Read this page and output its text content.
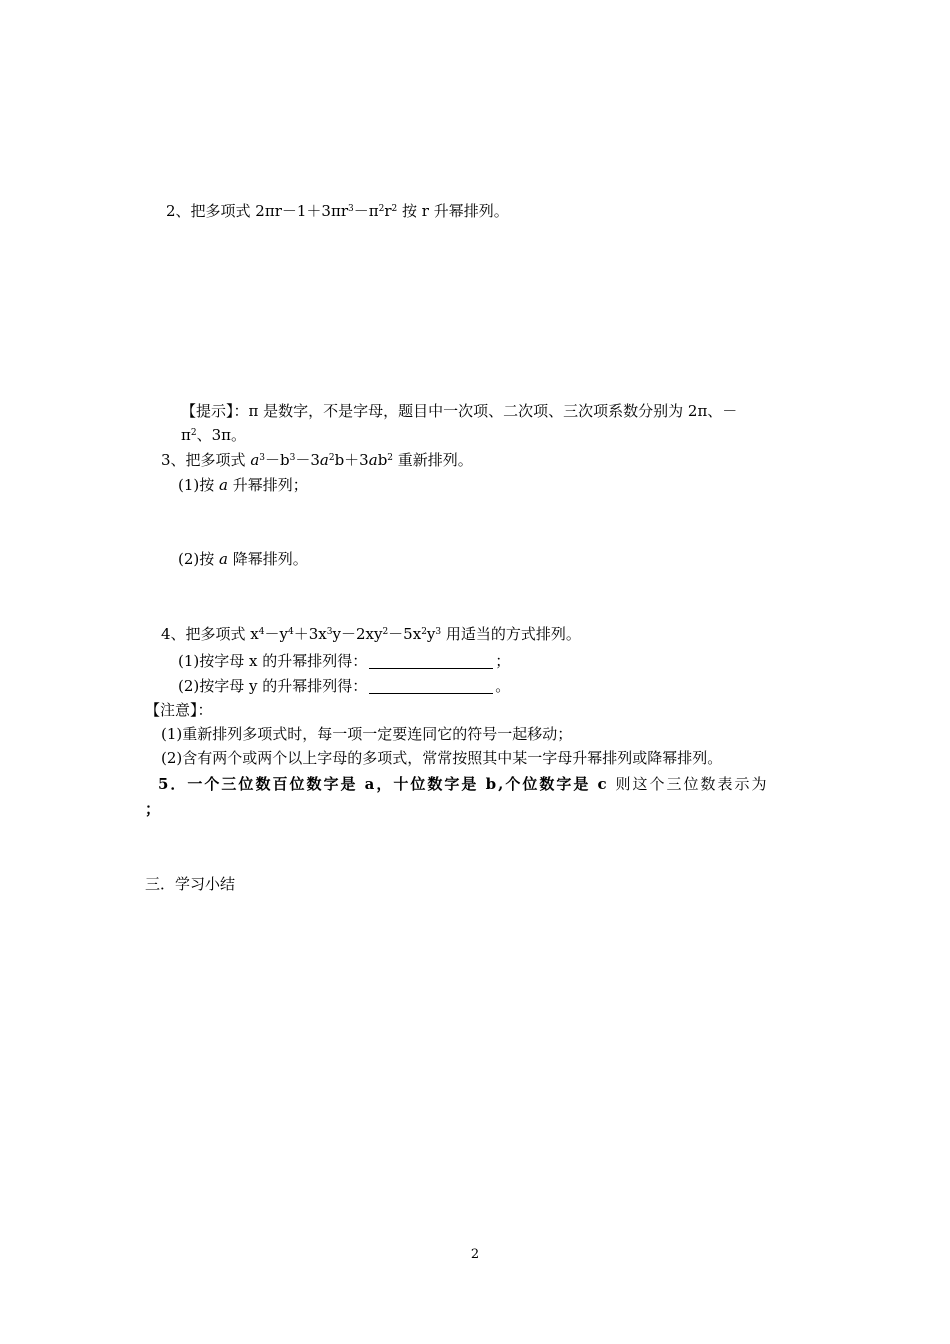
2、把多项式 $2\pi r-1+3\pi r^3-\pi^2r^2$ 按 r 升幂排列。
【提示】：π 是数字，不是字母，题目中一次项、二次项、三次项系数分别为 2π、－
$\pi^2$、3π。
3、把多项式 $a^3-b^3-3a^2b+3ab^2$ 重新排列。
(1)按 a 升幂排列；
(2)按 a 降幂排列。
4、把多项式 $x^4-y^4+3x^3y-2xy^2-5x^2y^3$ 用适当的方式排列。
(1)按字母 x 的升幂排列得：	；
(2)按字母 y 的升幂排列得：	。
【注意】：
(1)重新排列多项式时，每一项一定要连同它的符号一起移动；
(2)含有两个或两个以上字母的多项式，常常按照其中某一字母升幂排列或降幂排列。
5．一个三位数百位数字是 a，十位数字是 b,个位数字是 c 则这个三位数表示为
；
三．学习小结
2
